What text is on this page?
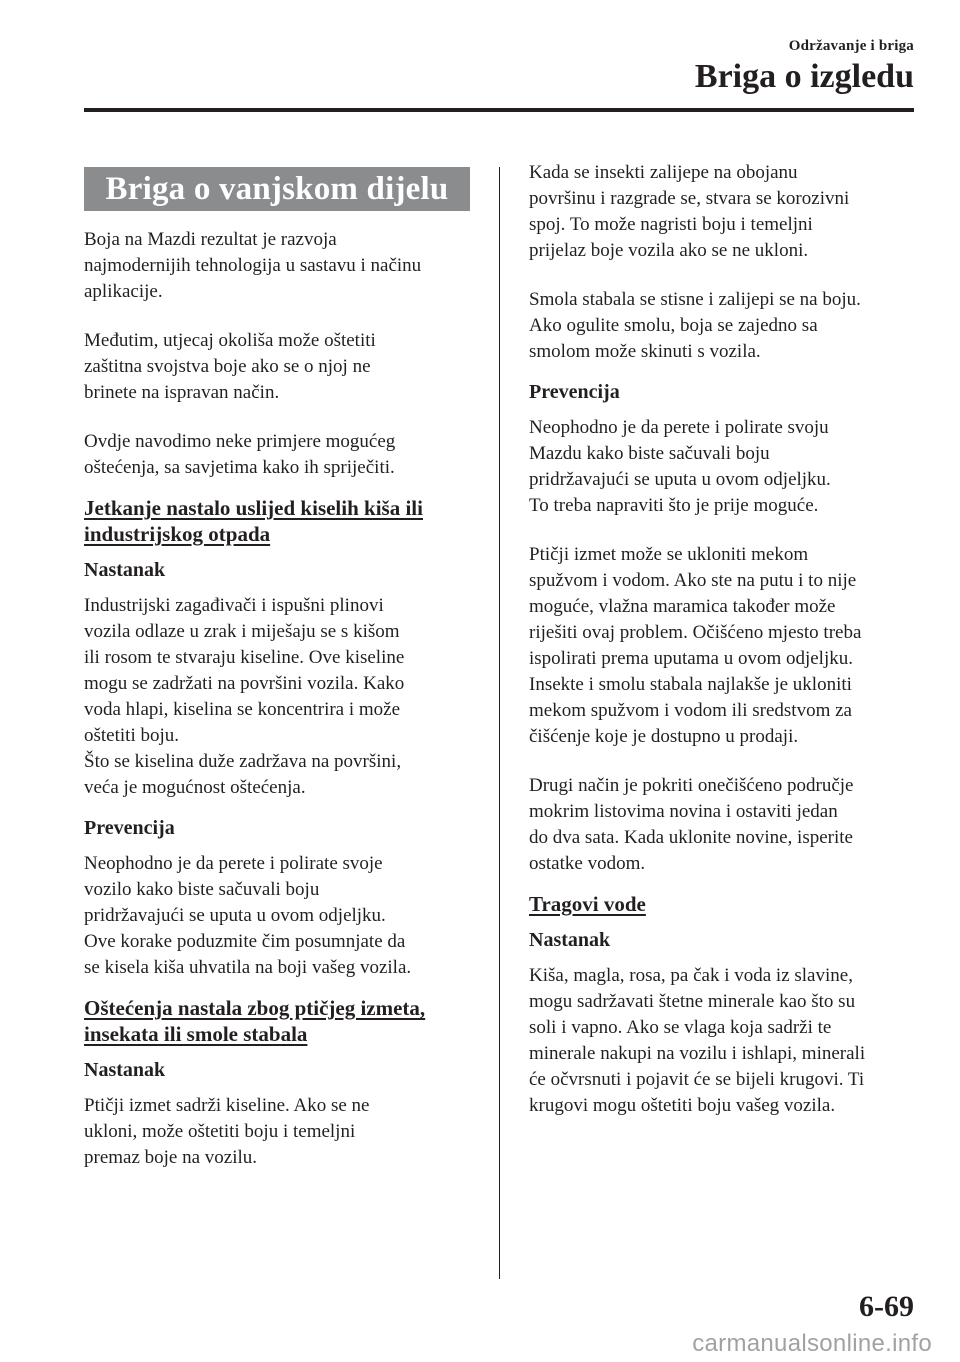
Održavanje i briga
Briga o izgledu
Briga o vanjskom dijelu

Boja na Mazdi rezultat je razvoja
najmodernijih tehnologija u sastavu i načinu
aplikacije.

Međutim, utjecaj okoliša može oštetiti
zaštitna svojstva boje ako se o njoj ne
brinete na ispravan način.

Ovdje navodimo neke primjere mogućeg
oštećenja, sa savjetima kako ih spriječiti.

Jetkanje nastalo uslijed kiselih kiša ili
industrijskog otpada
Nastanak

Industrijski zagađivači i ispušni plinovi
vozila odlaze u zrak i miješaju se s kišom
ili rosom te stvaraju kiseline. Ove kiseline
mogu se zadržati na površini vozila. Kako
voda hlapi, kiselina se koncentrira i može
oštetiti boju.
Što se kiselina duže zadržava na površini,
veća je mogućnost oštećenja.

Prevencija

Neophodno je da perete i polirate svoje
vozilo kako biste sačuvali boju
pridržavajući se uputa u ovom odjeljku.
Ove korake poduzmite čim posumnjate da
se kisela kiša uhvatila na boji vašeg vozila.

Oštećenja nastala zbog ptičjeg izmeta,
insekata ili smole stabala
Nastanak

Ptičji izmet sadrži kiseline. Ako se ne
ukloni, može oštetiti boju i temeljni
premaz boje na vozilu.

Kada se insekti zalijepe na obojanu
površinu i razgrade se, stvara se korozivni
spoj. To može nagristi boju i temeljni
prijelaz boje vozila ako se ne ukloni.

Smola stabala se stisne i zalijepi se na boju.
Ako ogulite smolu, boja se zajedno sa
smolom može skinuti s vozila.

Prevencija

Neophodno je da perete i polirate svoju
Mazdu kako biste sačuvali boju
pridržavajući se uputa u ovom odjeljku.
To treba napraviti što je prije moguće.

Ptičji izmet može se ukloniti mekom
spužvom i vodom. Ako ste na putu i to nije
moguće, vlažna maramica također može
riješiti ovaj problem. Očišćeno mjesto treba
ispolirati prema uputama u ovom odjeljku.
Insekte i smolu stabala najlakše je ukloniti
mekom spužvom i vodom ili sredstvom za
čišćenje koje je dostupno u prodaji.

Drugi način je pokriti onečišćeno područje
mokrim listovima novina i ostaviti jedan
do dva sata. Kada uklonite novine, isperite
ostatke vodom.

Tragovi vode
Nastanak

Kiša, magla, rosa, pa čak i voda iz slavine,
mogu sadržavati štetne minerale kao što su
soli i vapno. Ako se vlaga koja sadrži te
minerale nakupi na vozilu i ishlapi, minerali
će očvrsnuti i pojavit će se bijeli krugovi. Ti
krugovi mogu oštetiti boju vašeg vozila.

6-69
carmanualsonline.info
